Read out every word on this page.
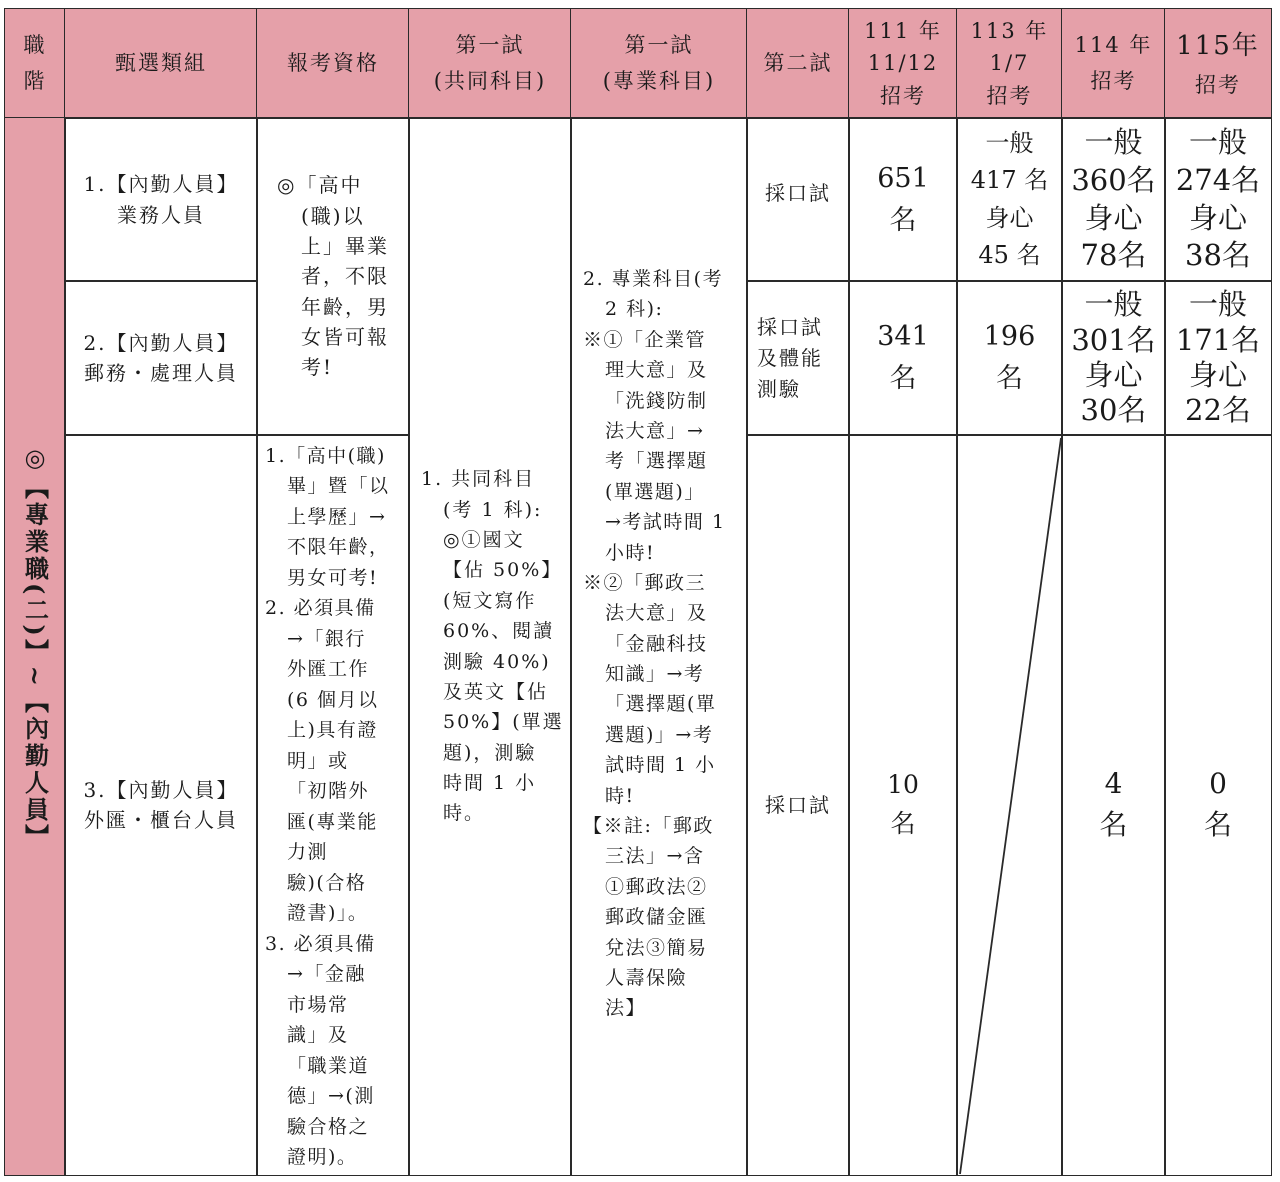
職
階
甄選類組	報考資格
第一試
(共同科目)
第一試
(專業科目)
第二試
111 年
11/12
招考
113 年
1/7
招考
114 年
招考
115年
招考
◎【專業職(二)】~【內勤人員】
1.【內勤人員】
業務人員
2.【內勤人員】
郵務・處理人員
3.【內勤人員】
外匯・櫃台人員
◎「高中
(職)以
上」畢業
者，不限
年齡，男
女皆可報
考!
1.「高中(職)
畢」暨「以
上學歷」→
不限年齡，
男女可考!
2. 必須具備
→「銀行
外匯工作
(6 個月以
上)具有證
明」或
「初階外
匯(專業能
力測
驗)(合格
證書)」。
3. 必須具備
→「金融
市場常
識」及
「職業道
德」→(測
驗合格之
證明)。
1. 共同科目
(考 1 科):
◎①國文
【佔 50%】
(短文寫作
60%、閱讀
測驗 40%)
及英文【佔
50%】(單選
題)，測驗
時間 1 小
時。
2. 專業科目(考
2 科):
※①「企業管
理大意」及
「洗錢防制
法大意」→
考「選擇題
(單選題)」
→考試時間 1
小時!
※②「郵政三
法大意」及
「金融科技
知識」→考
「選擇題(單
選題)」→考
試時間 1 小
時!
【※註:「郵政
三法」→含
①郵政法②
郵政儲金匯
兌法③簡易
人壽保險
法】
採口試
採口試
及體能
測驗
採口試
651
名
341
名
10
名
一般
417 名
身心
45 名
196
名
一般
360名
身心
78名
一般
301名
身心
30名
4
名
一般
274名
身心
38名
一般
171名
身心
22名
0
名
